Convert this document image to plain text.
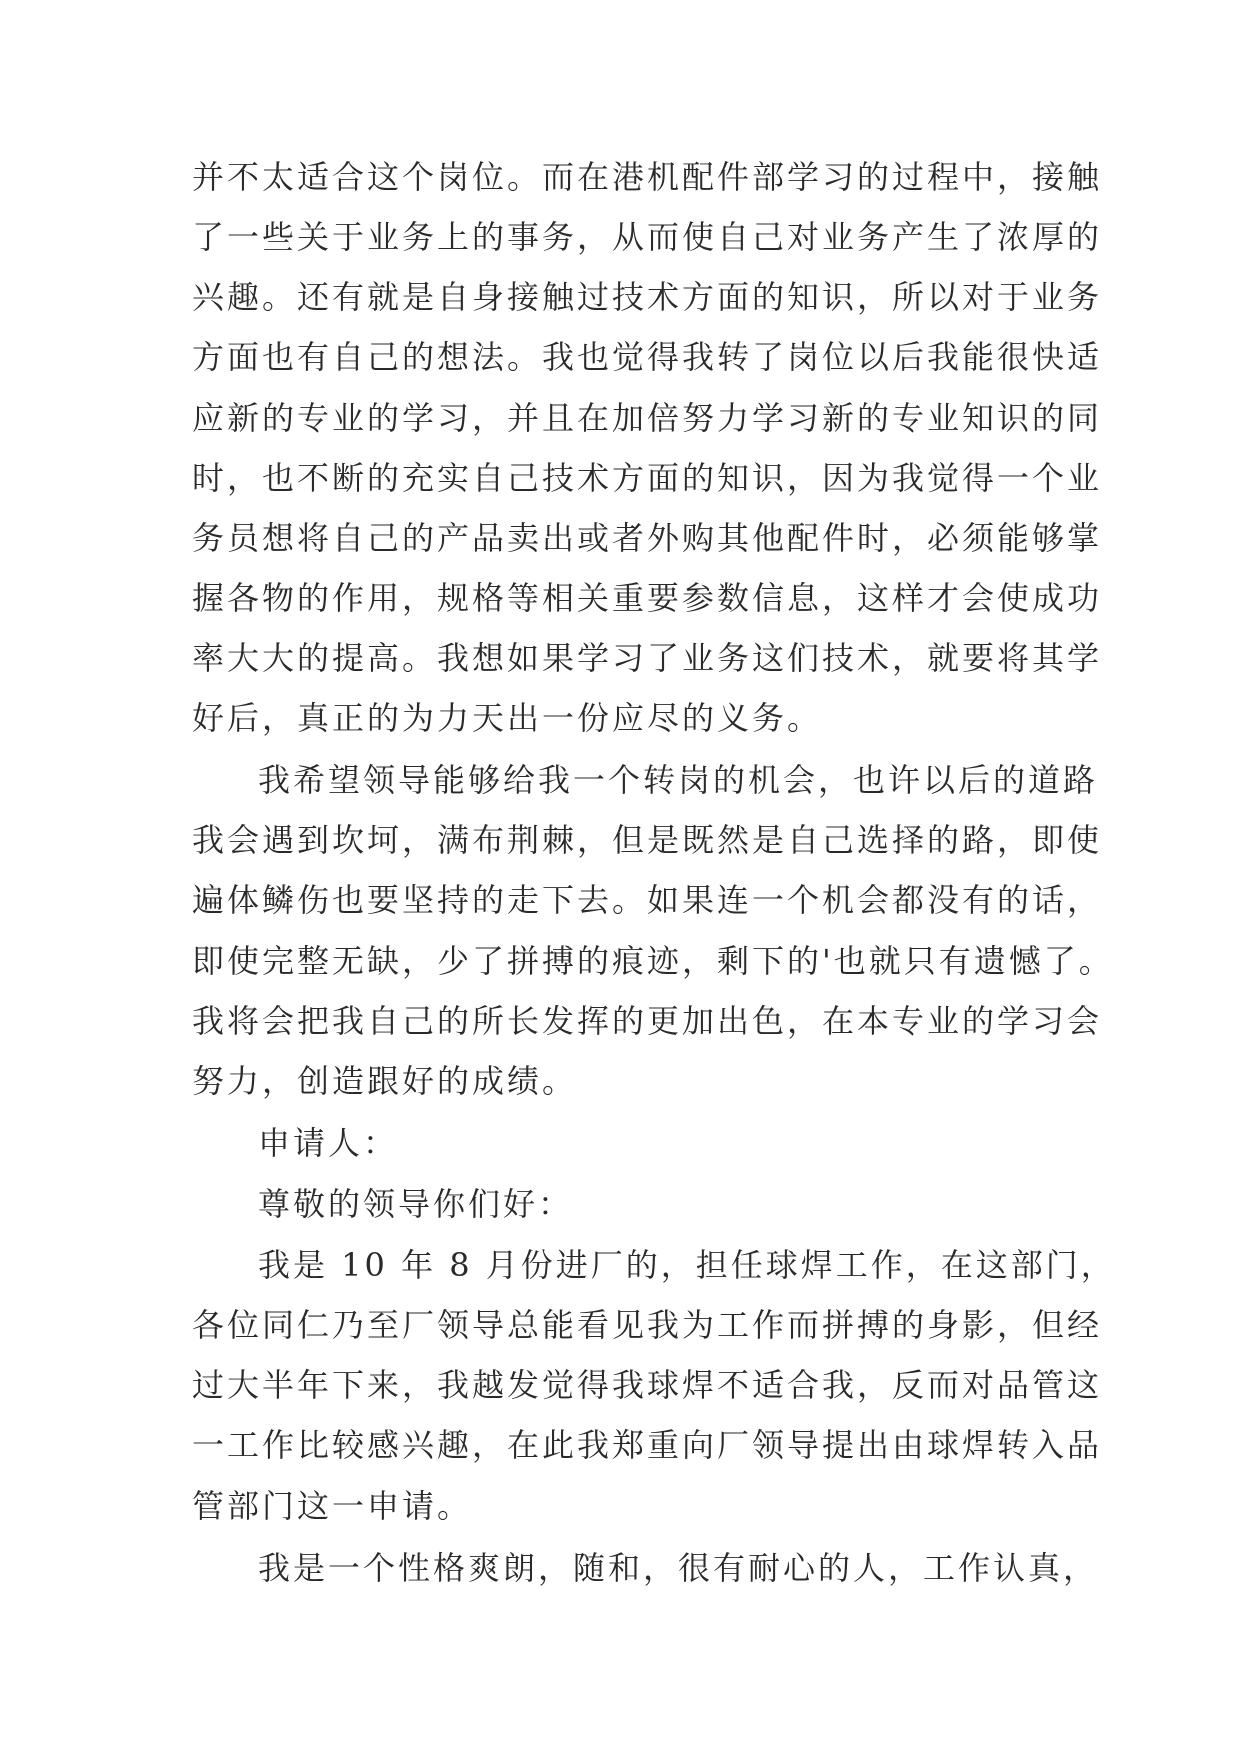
并不太适合这个岗位。而在港机配件部学习的过程中，接触
了一些关于业务上的事务，从而使自己对业务产生了浓厚的
兴趣。还有就是自身接触过技术方面的知识，所以对于业务
方面也有自己的想法。我也觉得我转了岗位以后我能很快适
应新的专业的学习，并且在加倍努力学习新的专业知识的同
时，也不断的充实自己技术方面的知识，因为我觉得一个业
务员想将自己的产品卖出或者外购其他配件时，必须能够掌
握各物的作用，规格等相关重要参数信息，这样才会使成功
率大大的提高。我想如果学习了业务这们技术，就要将其学
好后，真正的为力天出一份应尽的义务。
我希望领导能够给我一个转岗的机会，也许以后的道路
我会遇到坎坷，满布荆棘，但是既然是自己选择的路，即使
遍体鳞伤也要坚持的走下去。如果连一个机会都没有的话，
即使完整无缺，少了拼搏的痕迹，剩下的'也就只有遗憾了。
我将会把我自己的所长发挥的更加出色，在本专业的学习会
努力，创造跟好的成绩。
申请人：
尊敬的领导你们好：
我是 10 年 8 月份进厂的，担任球焊工作，在这部门，
各位同仁乃至厂领导总能看见我为工作而拼搏的身影，但经
过大半年下来，我越发觉得我球焊不适合我，反而对品管这
一工作比较感兴趣，在此我郑重向厂领导提出由球焊转入品
管部门这一申请。
我是一个性格爽朗，随和，很有耐心的人，工作认真，
